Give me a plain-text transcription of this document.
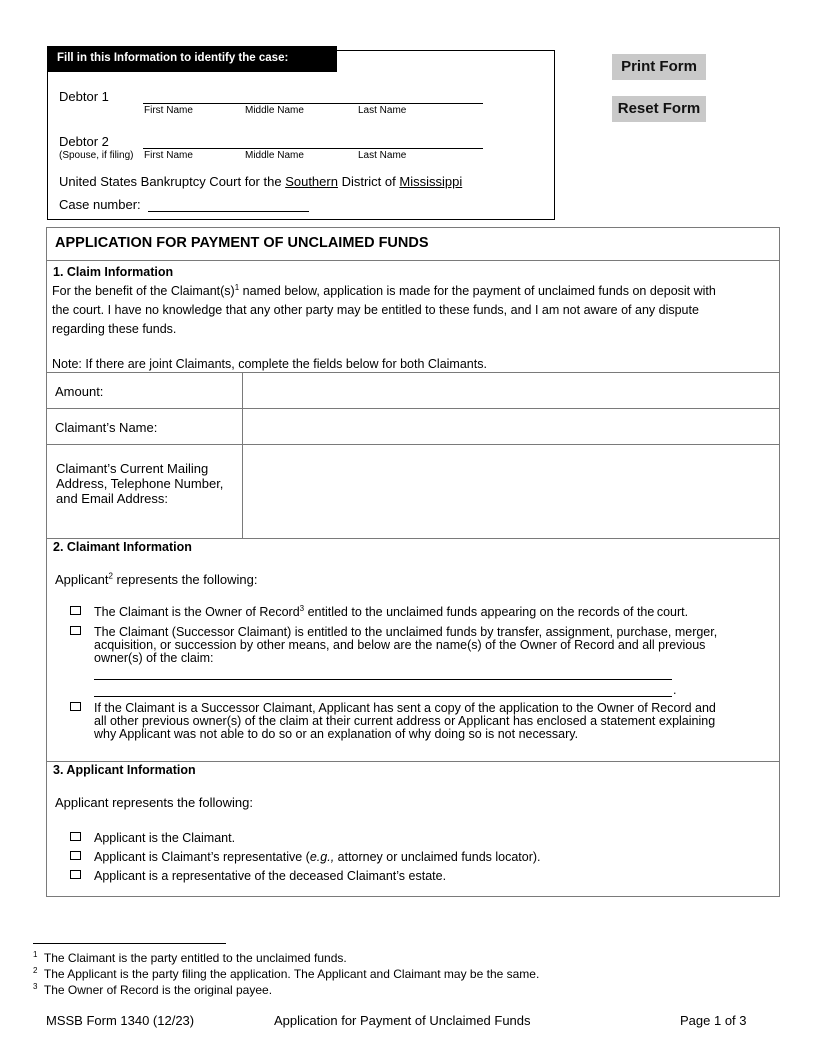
Fill in this Information to identify the case:
Debtor 1
First Name	Middle Name	Last Name
Debtor 2
(Spouse, if filing) First Name	Middle Name	Last Name
United States Bankruptcy Court for the Southern District of Mississippi
Case number:
Print Form
Reset Form
APPLICATION FOR PAYMENT OF UNCLAIMED FUNDS
1. Claim Information
For the benefit of the $Claimant(s)^1$ named below, application is made for the payment of unclaimed funds on deposit with
the court. I have no knowledge that any other party may be entitled to these funds, and I am not aware of any dispute
regarding these funds.
Note: If there are joint Claimants, complete the fields below for both Claimants.
Amount:
Claimant’s Name:
Claimant’s Current Mailing
Address, Telephone Number,
and Email Address:
2. Claimant Information
Applicant$^2$ represents the following:
The Claimant is the Owner of Record$^3$ entitled to the unclaimed funds appearing on the records of the court.
The Claimant (Successor Claimant) is entitled to the unclaimed funds by transfer, assignment, purchase, merger,
acquisition, or succession by other means, and below are the name(s) of the Owner of Record and all previous
owner(s) of the claim:
.
If the Claimant is a Successor Claimant, Applicant has sent a copy of the application to the Owner of Record and
all other previous owner(s) of the claim at their current address or Applicant has enclosed a statement explaining
why Applicant was not able to do so or an explanation of why doing so is not necessary.
3. Applicant Information
Applicant represents the following:
Applicant is the Claimant.
Applicant is Claimant’s representative (e.g., attorney or unclaimed funds locator).
Applicant is a representative of the deceased Claimant’s estate.
$^1$ The Claimant is the party entitled to the unclaimed funds.
$^2$ The Applicant is the party filing the application. The Applicant and Claimant may be the same.
$^3$ The Owner of Record is the original payee.
MSSB Form 1340 (12/23)	Application for Payment of Unclaimed Funds	Page 1 of 3
